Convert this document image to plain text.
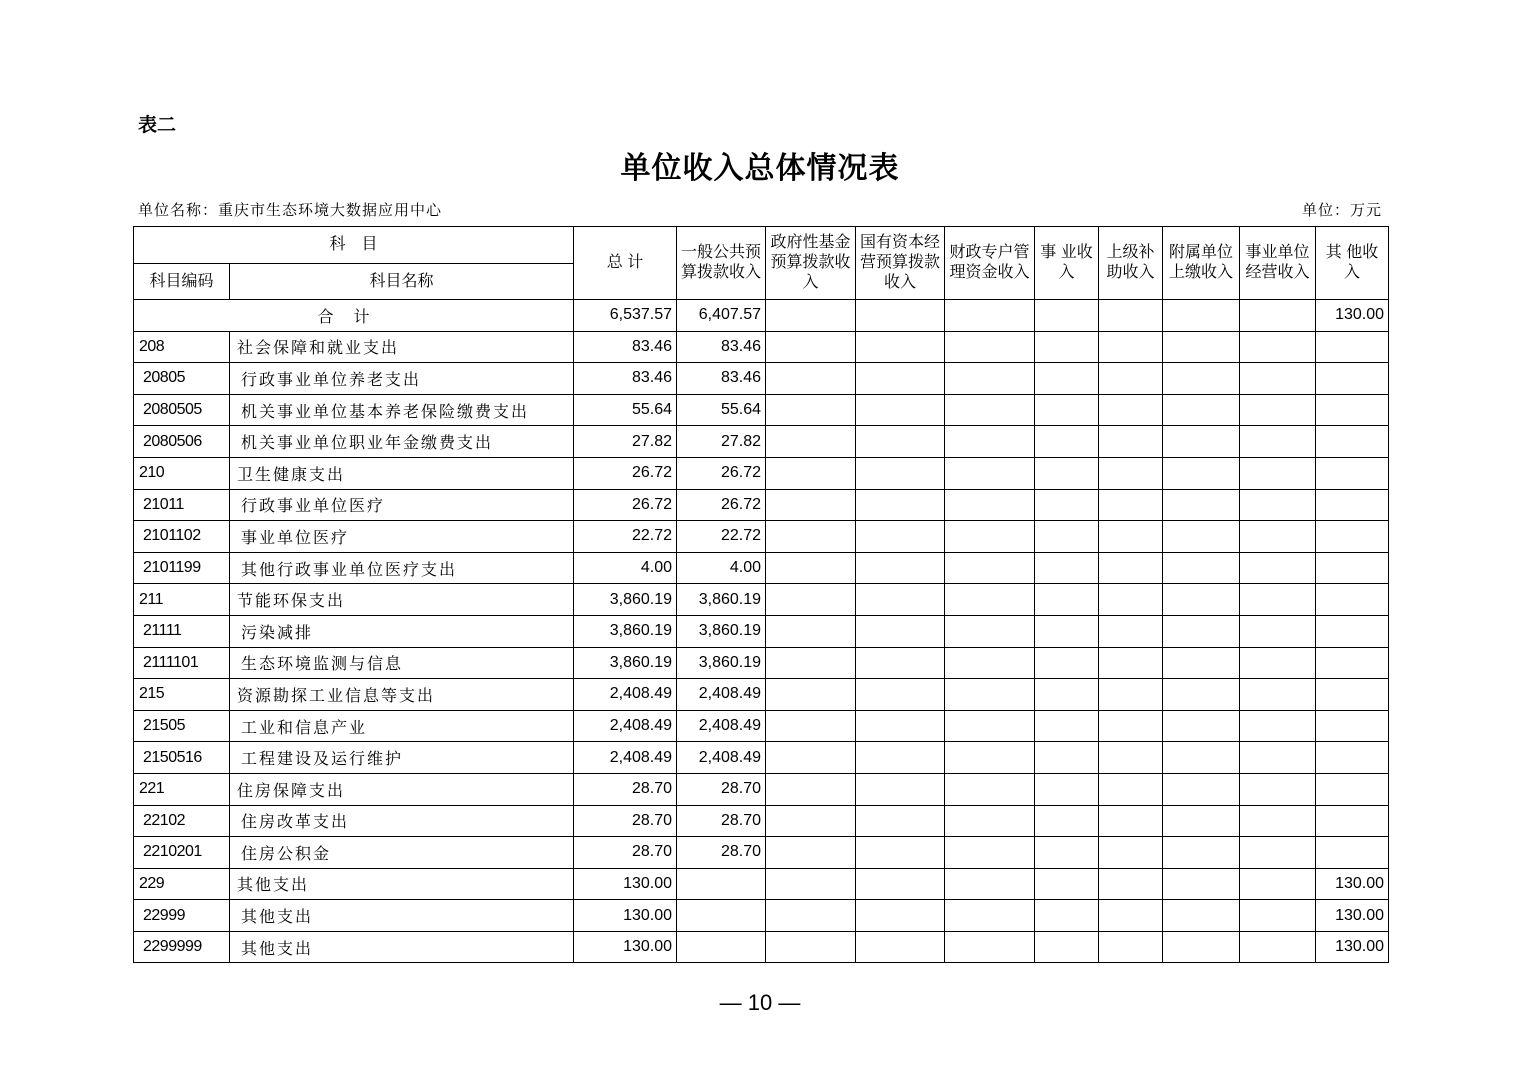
表二
单位收入总体情况表
单位名称：重庆市生态环境大数据应用中心	单位：万元
科　目		总 计	一般公共预算拨款收入	政府性基金预算拨款收入	国有资本经营预算拨款收入	财政专户管理资金收入	事 业收 入	上级补助收入	附属单位上缴收入	事业单位经营收入	其 他收 入
科目编码	科目名称										
合计		6,537.57	6,407.57								130.00
208	社会保障和就业支出	83.46	83.46								
20805	行政事业单位养老支出	83.46	83.46								
2080505	机关事业单位基本养老保险缴费支出	55.64	55.64								
2080506	机关事业单位职业年金缴费支出	27.82	27.82								
210	卫生健康支出	26.72	26.72								
21011	行政事业单位医疗	26.72	26.72								
2101102	事业单位医疗	22.72	22.72								
2101199	其他行政事业单位医疗支出	4.00	4.00								
211	节能环保支出	3,860.19	3,860.19								
21111	污染减排	3,860.19	3,860.19								
2111101	生态环境监测与信息	3,860.19	3,860.19								
215	资源勘探工业信息等支出	2,408.49	2,408.49								
21505	工业和信息产业	2,408.49	2,408.49								
2150516	工程建设及运行维护	2,408.49	2,408.49								
221	住房保障支出	28.70	28.70								
22102	住房改革支出	28.70	28.70								
2210201	住房公积金	28.70	28.70								
229	其他支出	130.00									130.00
22999	其他支出	130.00									130.00
2299999	其他支出	130.00									130.00
— 10 —
